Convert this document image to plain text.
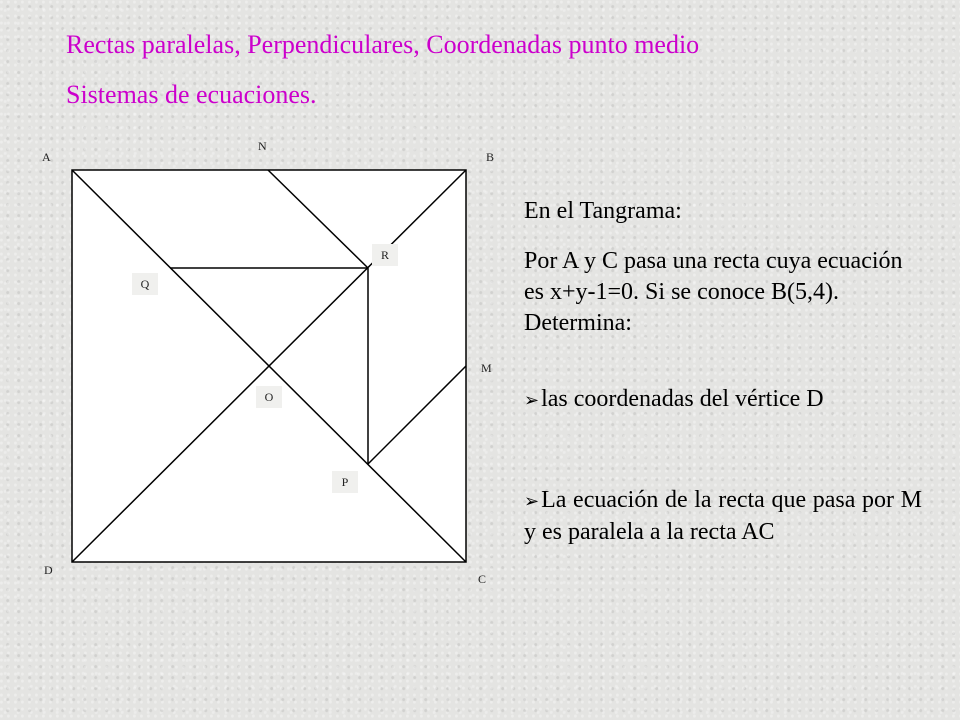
Rectas paralelas, Perpendiculares, Coordenadas punto medio
Sistemas de ecuaciones.
A	B
C
D
N
M
R
Q
O
P
En el Tangrama:
Por A y C pasa una recta cuya ecuación es x+y-1=0. Si se conoce B(5,4). Determina:
➢las coordenadas del vértice D
➢La ecuación de la recta que pasa por M y es paralela a la recta AC
